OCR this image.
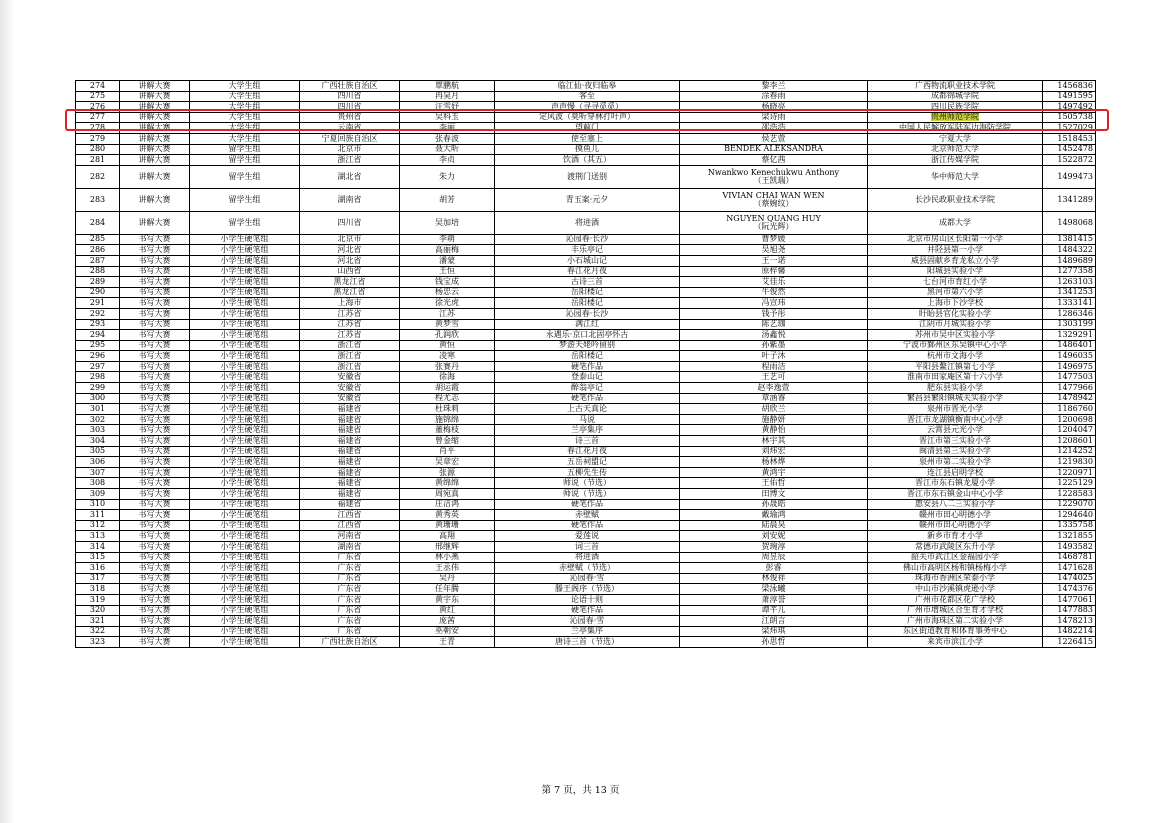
274	讲解大赛	大学生组	广西壮族自治区	覃鹏航	临江仙·夜归临皋	黎李兰	广西物流职业技术学院	1456836
275	讲解大赛	大学生组	四川省	冉昊月	客至	涂春雨	成都锦城学院	1491595
276	讲解大赛	大学生组	四川省	汪雪妤	声声慢（寻寻觅觅）	杨晓亮	四川民族学院	1497492
277	讲解大赛	大学生组	贵州省	吴科玉	定风波（莫听穿林打叶声）	梁诗雨	贵州师范学院	1505738
278	讲解大赛	大学生组	云南省	李丽	望蓟门	邵浩浩	中国人民解放军陆军边海防学院	1527029
279	讲解大赛	大学生组	宁夏回族自治区	张春波	使至塞上	侯艺萱	宁夏大学	1518453
280	讲解大赛	留学生组	北京市	聂大昕	摸鱼儿	BENDEK ALEKSANDRA	北京师范大学	1452478
281	讲解大赛	留学生组	浙江省	李贞	饮酒（其五）	蔡亿茜	浙江传媒学院	1522872
282	讲解大赛	留学生组	湖北省	朱力	渡荆门送别	Nwankwo Kenechukwu Anthony
（王凯瑞）	华中师范大学	1499473
283	讲解大赛	留学生组	湖南省	胡芳	青玉案·元夕	VIVIAN CHAI WAN WEN
（蔡婉纹）	长沙民政职业技术学院	1341289
284	讲解大赛	留学生组	四川省	吴加培	将进酒	NGUYEN QUANG HUY
（阮光辉）	成都大学	1498068
285	书写大赛	小学生硬笔组	北京市	李萌	沁园春·长沙	曹梦媛	北京市房山区长阳第一小学	1381415
286	书写大赛	小学生硬笔组	河北省	高丽梅	丰乐亭记	吴旭尧	井陉县第一小学	1484322
287	书写大赛	小学生硬笔组	河北省	潘蒙	小石城山记	王一诺	威县固献乡育龙私立小学	1489689
288	书写大赛	小学生硬笔组	山西省	王恒	春江花月夜	原梓馨	阳城县实验小学	1277358
289	书写大赛	小学生硬笔组	黑龙江省	钱宝成	古诗三首	艾佳乐	七台河市育红小学	1263103
290	书写大赛	小学生硬笔组	黑龙江省	杨忠云	岳阳楼记	牛俊然	黑河市第六小学	1341253
291	书写大赛	小学生硬笔组	上海市	徐光虎	岳阳楼记	冯宣玮	上海市下沙学校	1333141
292	书写大赛	小学生硬笔组	江苏省	江苏	沁园春·长沙	钱予彤	盱眙县官化实验小学	1286346
293	书写大赛	小学生硬笔组	江苏省	黄梦雪	满江红	陈艺珈	江阴市月城实验小学	1303199
294	书写大赛	小学生硬笔组	江苏省	孔润欣	永遇乐·京口北固亭怀古	汤鑫悦	苏州市吴中区实验小学	1329291
295	书写大赛	小学生硬笔组	浙江省	黄恒	梦游天姥吟留别	孙紫墨	宁波市鄞州区东吴镇中心小学	1486401
296	书写大赛	小学生硬笔组	浙江省	凌寒	岳阳楼记	叶子沐	杭州市文海小学	1496035
297	书写大赛	小学生硬笔组	浙江省	张赛丹	硬笔作品	程雨洁	平阳县鳌江镇第七小学	1496975
298	书写大赛	小学生硬笔组	安徽省	徐海	登泰山记	王艺可	淮南市田家庵区第十六小学	1477503
299	书写大赛	小学生硬笔组	安徽省	胡运霞	醉翁亭记	赵李逸萱	肥东县实验小学	1477966
300	书写大赛	小学生硬笔组	安徽省	程尤志	硬笔作品	章涵睿	繁昌县繁阳镇城关实验小学	1478942
301	书写大赛	小学生硬笔组	福建省	杜珠莉	上古天真论	胡欣兰	泉州市晋光小学	1186760
302	书写大赛	小学生硬笔组	福建省	施锦绵	马说	施静妍	晋江市龙湖镇衡南中心小学	1200698
303	书写大赛	小学生硬笔组	福建省	董梅枝	兰亭集序	黄静怡	云霄县元光小学	1204047
304	书写大赛	小学生硬笔组	福建省	曾金缩	诗三首	林宇其	晋江市第三实验小学	1208601
305	书写大赛	小学生硬笔组	福建省	肖平	春江花月夜	刘炜宏	闽清县第三实验小学	1214252
306	书写大赛	小学生硬笔组	福建省	吴章宏	五岳祠盟记	杨林烨	泉州市第二实验小学	1219830
307	书写大赛	小学生硬笔组	福建省	张源	五柳先生传	黄鸿宇	连江县启明学校	1220971
308	书写大赛	小学生硬笔组	福建省	黄绵绵	师说（节选）	王佑哲	晋江市东石镇龙厦小学	1225129
309	书写大赛	小学生硬笔组	福建省	周宛真	师说（节选）	田博文	晋江市东石镇金山中心小学	1228583
310	书写大赛	小学生硬笔组	福建省	庄洁鸿	硬笔作品	孙晟皓	惠安县八二三实验小学	1229070
311	书写大赛	小学生硬笔组	江西省	黄秀英	赤壁赋	戴瑜鸿	赣州市田心明德小学	1294640
312	书写大赛	小学生硬笔组	江西省	黄珊珊	硬笔作品	陆晨昊	赣州市田心明德小学	1335758
313	书写大赛	小学生硬笔组	河南省	高翔	爱莲说	刘安妮	新乡市育才小学	1321855
314	书写大赛	小学生硬笔组	湖南省	邢继辉	词三首	贺琬淳	常德市武陵区东升小学	1493582
315	书写大赛	小学生硬笔组	广东省	林小燕	将进酒	周昱辰	韶关市武江区金福园小学	1468781
316	书写大赛	小学生硬笔组	广东省	王丞伟	赤壁赋（节选）	彭睿	佛山市高明区杨和镇杨梅小学	1471628
317	书写大赛	小学生硬笔组	广东省	吴丹	沁园春·雪	林俊祥	珠海市香洲区荣泰小学	1474025
318	书写大赛	小学生硬笔组	广东省	任年腾	滕王阁序（节选）	梁泳曦	中山市沙溪镇虎逊小学	1474376
319	书写大赛	小学生硬笔组	广东省	黄宇东	论语十则	萧淳誉	广州市花都区花广学校	1477061
320	书写大赛	小学生硬笔组	广东省	黄红	硬笔作品	谭芊儿	广州市增城区合生育才学校	1477883
321	书写大赛	小学生硬笔组	广东省	庞茜	沁园春·雪	江朗言	广州市海珠区第二实验小学	1478213
322	书写大赛	小学生硬笔组	广东省	巫朝安	兰亭集序	梁炜琪	东区街道教育和体育事务中心	1482214
323	书写大赛	小学生硬笔组	广西壮族自治区	王青	唐诗三首（节选）	孙思哲	来宾市滨江小学	1226415
第 7 页，共 13 页
